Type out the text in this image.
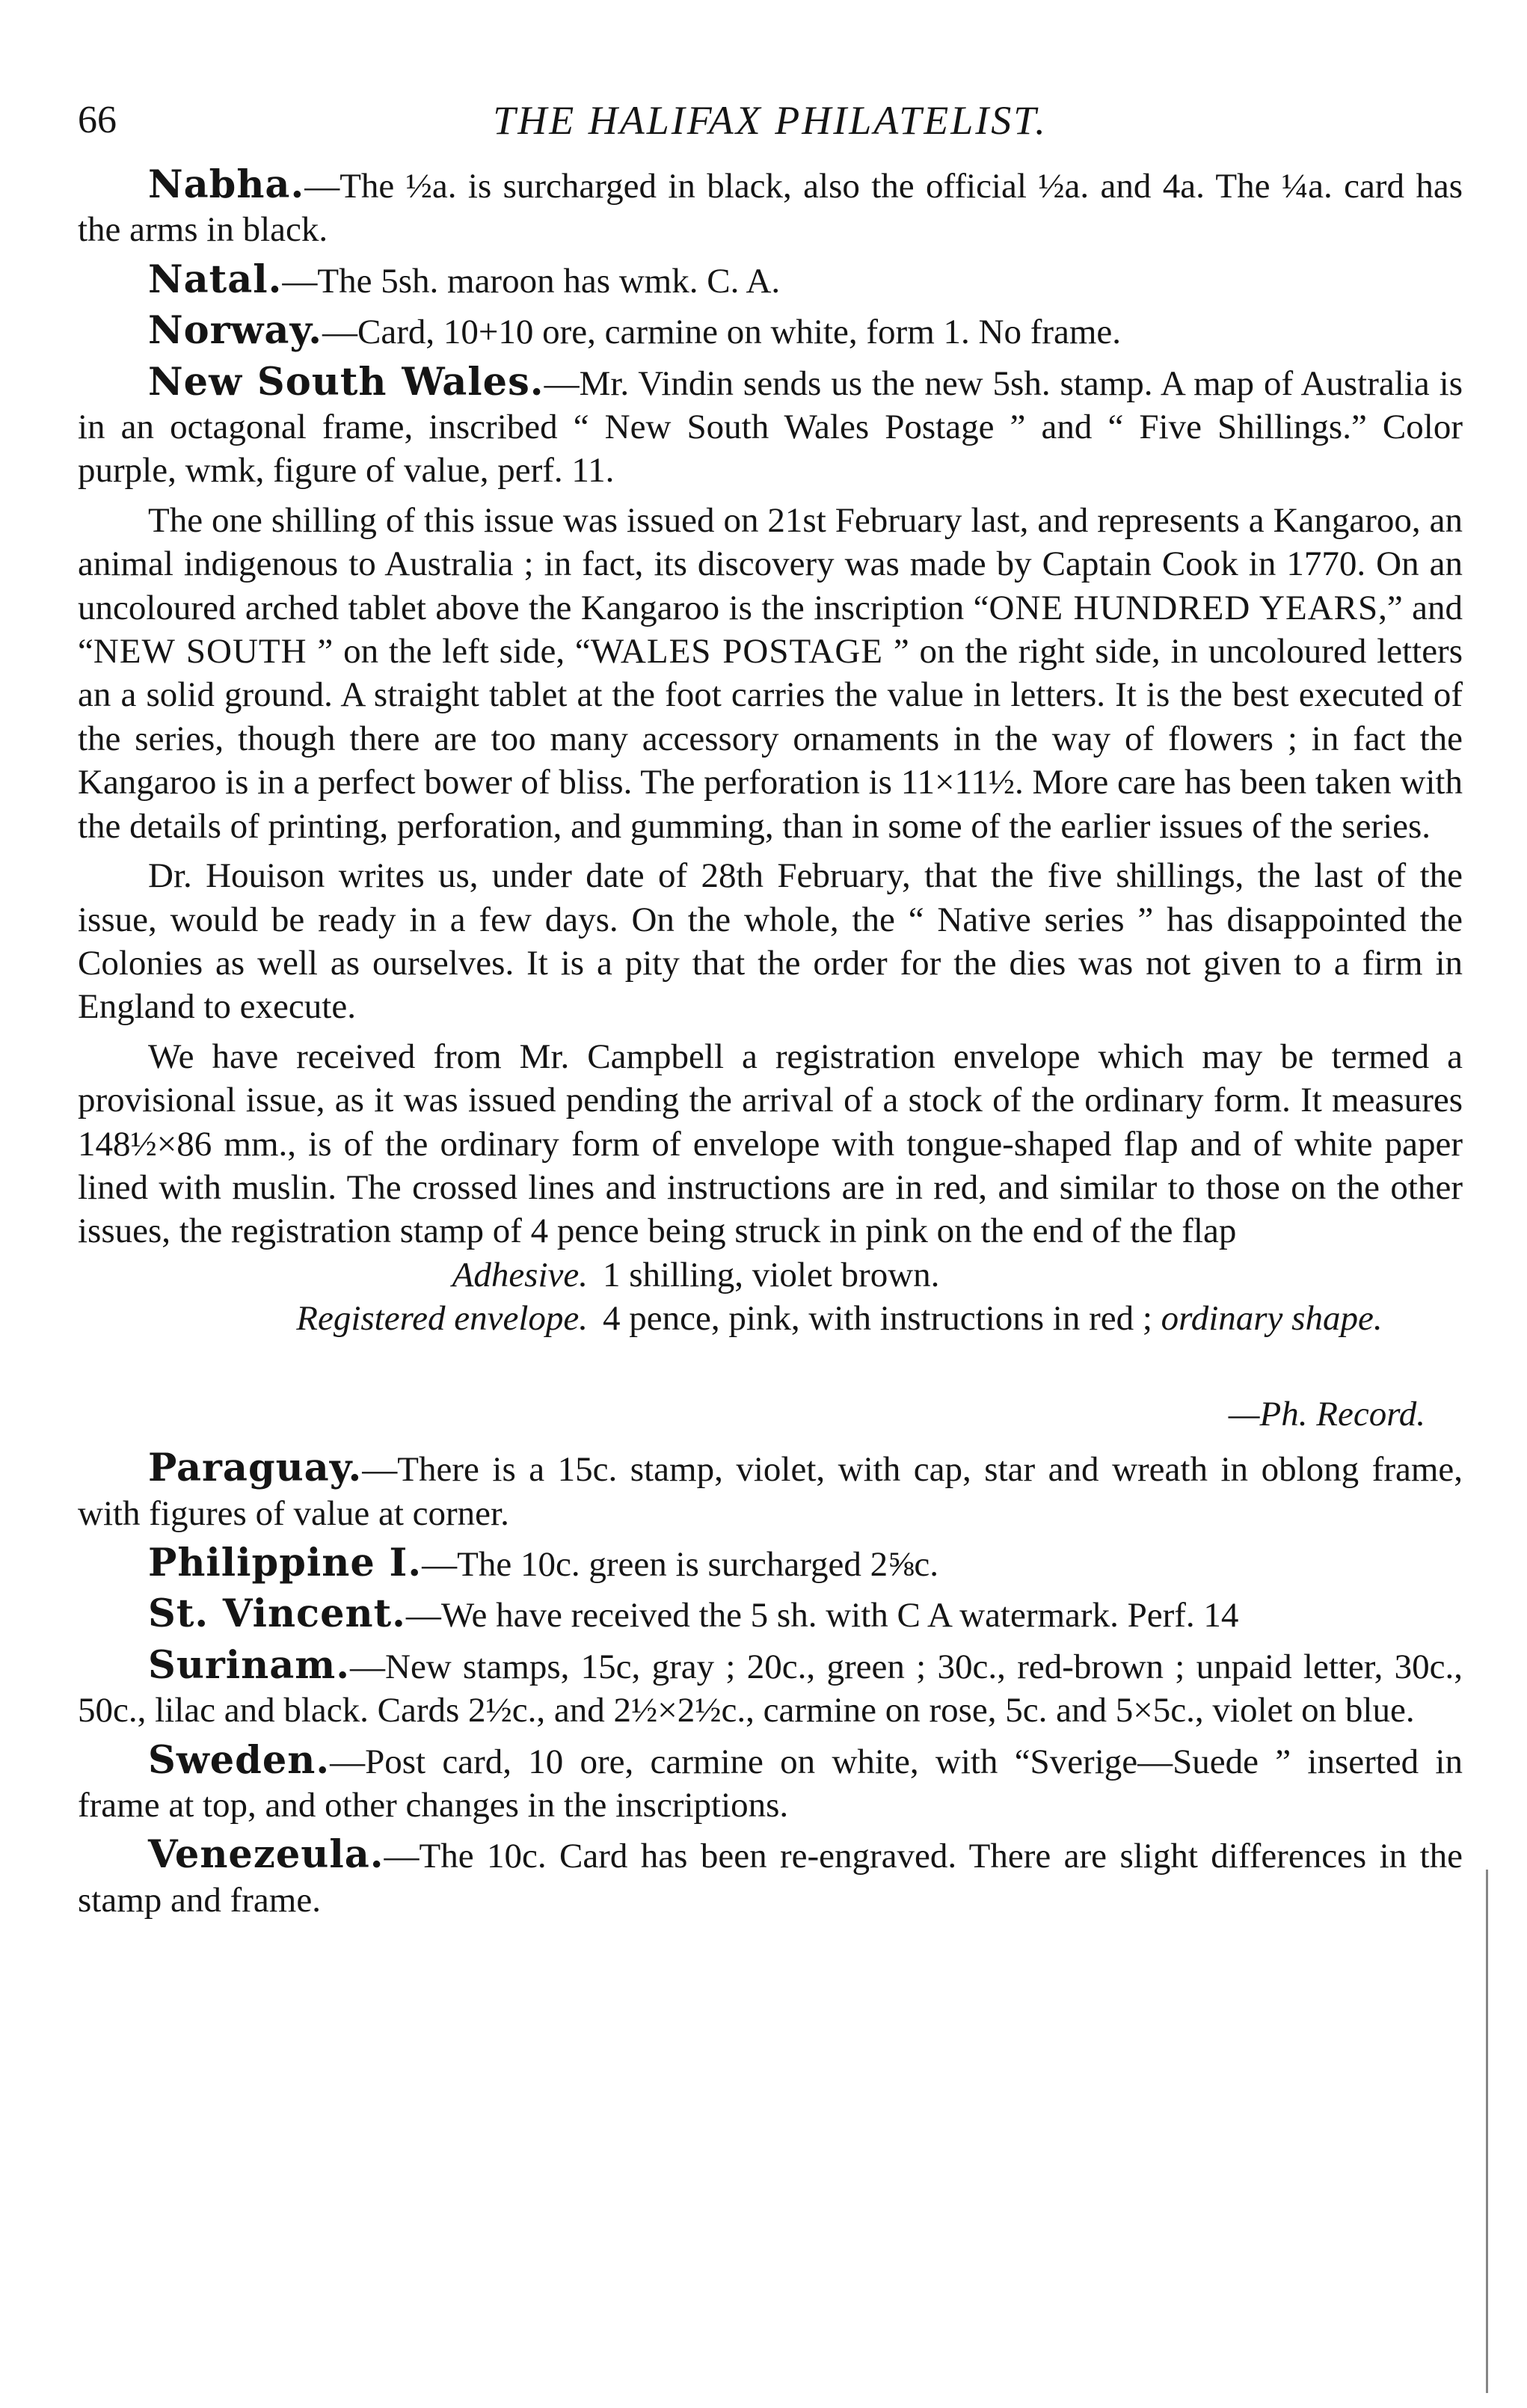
66	THE HALIFAX PHILATELIST.

Nabha.—The ½a. is surcharged in black, also the official ½a. and 4a. The ¼a. card has the arms in black.

Natal.—The 5sh. maroon has wmk. C. A.

Norway.—Card, 10+10 ore, carmine on white, form 1. No frame.

New South Wales.—Mr. Vindin sends us the new 5sh. stamp. A map of Australia is in an octagonal frame, inscribed “ New South Wales Postage ” and “ Five Shillings.” Color purple, wmk, figure of value, perf. 11.

The one shilling of this issue was issued on 21st February last, and represents a Kangaroo, an animal indigenous to Australia ; in fact, its discovery was made by Captain Cook in 1770. On an uncoloured arched tablet above the Kangaroo is the inscription “ONE HUNDRED YEARS,” and “NEW SOUTH ” on the left side, “WALES POSTAGE ” on the right side, in uncoloured letters an a solid ground. A straight tablet at the foot carries the value in letters. It is the best executed of the series, though there are too many accessory ornaments in the way of flowers ; in fact the Kangaroo is in a perfect bower of bliss. The perforation is 11×11½. More care has been taken with the details of printing, perforation, and gumming, than in some of the earlier issues of the series.

Dr. Houison writes us, under date of 28th February, that the five shillings, the last of the issue, would be ready in a few days. On the whole, the “ Native series ” has disappointed the Colonies as well as ourselves. It is a pity that the order for the dies was not given to a firm in England to execute.

We have received from Mr. Campbell a registration envelope which may be termed a provisional issue, as it was issued pending the arrival of a stock of the ordinary form. It measures 148½×86 mm., is of the ordinary form of envelope with tongue-shaped flap and of white paper lined with muslin. The crossed lines and instructions are in red, and similar to those on the other issues, the registration stamp of 4 pence being struck in pink on the end of the flap

Adhesive. 1 shilling, violet brown.
Registered envelope. 4 pence, pink, with instructions in red ; ordinary shape.
—Ph. Record.

Paraguay.—There is a 15c. stamp, violet, with cap, star and wreath in oblong frame, with figures of value at corner.

Philippine I.—The 10c. green is surcharged 2⅝c.

St. Vincent.—We have received the 5 sh. with C A watermark. Perf. 14

Surinam.—New stamps, 15c, gray ; 20c., green ; 30c., red-brown ; unpaid letter, 30c., 50c., lilac and black. Cards 2½c., and 2½×2½c., carmine on rose, 5c. and 5×5c., violet on blue.

Sweden.—Post card, 10 ore, carmine on white, with “Sverige—Suede ” inserted in frame at top, and other changes in the inscriptions.

Venezeula.—The 10c. Card has been re-engraved. There are slight differences in the stamp and frame.
